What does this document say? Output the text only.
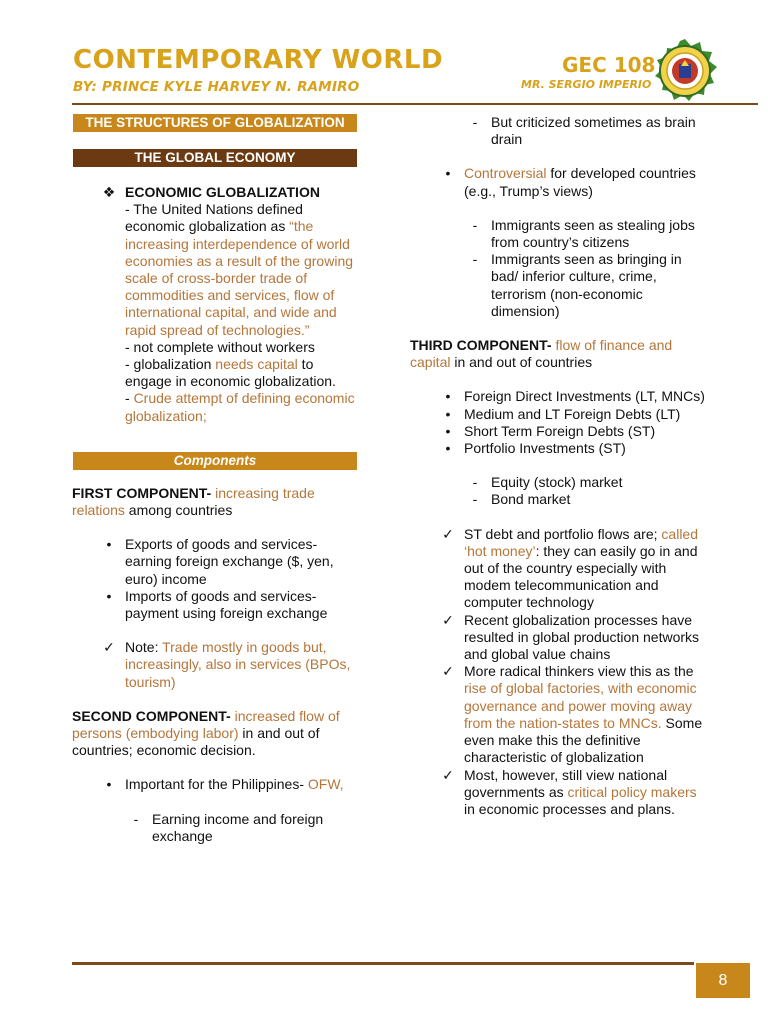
CONTEMPORARY WORLD
BY: PRINCE KYLE HARVEY N. RAMIRO
GEC 108
MR. SERGIO IMPERIO
THE STRUCTURES OF GLOBALIZATION
THE GLOBAL ECONOMY
❖ ECONOMIC GLOBALIZATION
- The United Nations defined economic globalization as “the increasing interdependence of world economies as a result of the growing scale of cross-border trade of commodities and services, flow of international capital, and wide and rapid spread of technologies.”
- not complete without workers
- globalization needs capital to engage in economic globalization.
- Crude attempt of defining economic globalization;
Components
FIRST COMPONENT- increasing trade relations among countries
• Exports of goods and services- earning foreign exchange ($, yen, euro) income
• Imports of goods and services- payment using foreign exchange
✓ Note: Trade mostly in goods but, increasingly, also in services (BPOs, tourism)
SECOND COMPONENT- increased flow of persons (embodying labor) in and out of countries; economic decision.
• Important for the Philippines- OFW,
- Earning income and foreign exchange
- But criticized sometimes as brain drain
• Controversial for developed countries (e.g., Trump’s views)
- Immigrants seen as stealing jobs from country’s citizens
- Immigrants seen as bringing in bad/ inferior culture, crime, terrorism (non-economic dimension)
THIRD COMPONENT- flow of finance and capital in and out of countries
• Foreign Direct Investments (LT, MNCs)
• Medium and LT Foreign Debts (LT)
• Short Term Foreign Debts (ST)
• Portfolio Investments (ST)
- Equity (stock) market
- Bond market
✓ ST debt and portfolio flows are; called ‘hot money’: they can easily go in and out of the country especially with modem telecommunication and computer technology
✓ Recent globalization processes have resulted in global production networks and global value chains
✓ More radical thinkers view this as the rise of global factories, with economic governance and power moving away from the nation-states to MNCs. Some even make this the definitive characteristic of globalization
✓ Most, however, still view national governments as critical policy makers in economic processes and plans.
8
